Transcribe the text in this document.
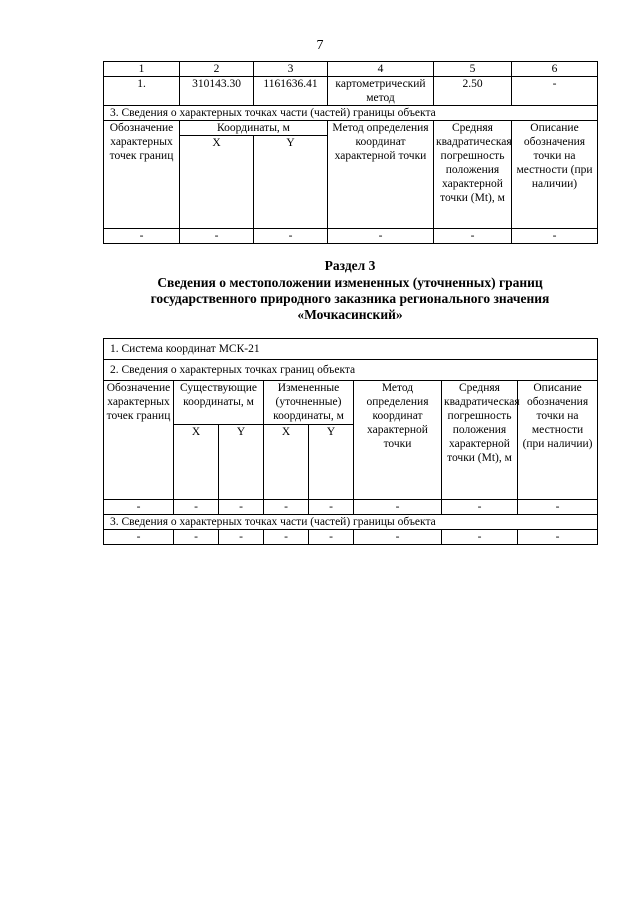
7
1	2	3	4	5	6
1.	310143.30	1161636.41	картометрический метод	2.50	-
3. Сведения о характерных точках части (частей) границы объекта					
Обозначение характерных точек границ	Координаты, м		Метод определения координат характерной точки	Средняя квадратическая погрешность положения характерной точки (Mt), м	Описание обозначения точки на местности (при наличии)
	X	Y			
-	-	-	-	-	-
Раздел 3
Сведения о местоположении измененных (уточненных) границ
государственного природного заказника регионального значения
«Мочкасинский»
1. Система координат МСК-21							
2. Сведения о характерных точках границ объекта							
Обозначение характерных точек границ	Существующие координаты, м		Измененные (уточненные) координаты, м		Метод определения координат характерной точки	Средняя квадратическая погрешность положения характерной точки (Mt), м	Описание обозначения точки на местности (при наличии)
	X	Y	X	Y			
-	-	-	-	-	-	-	-
3. Сведения о характерных точках части (частей) границы объекта							
-	-	-	-	-	-	-	-
